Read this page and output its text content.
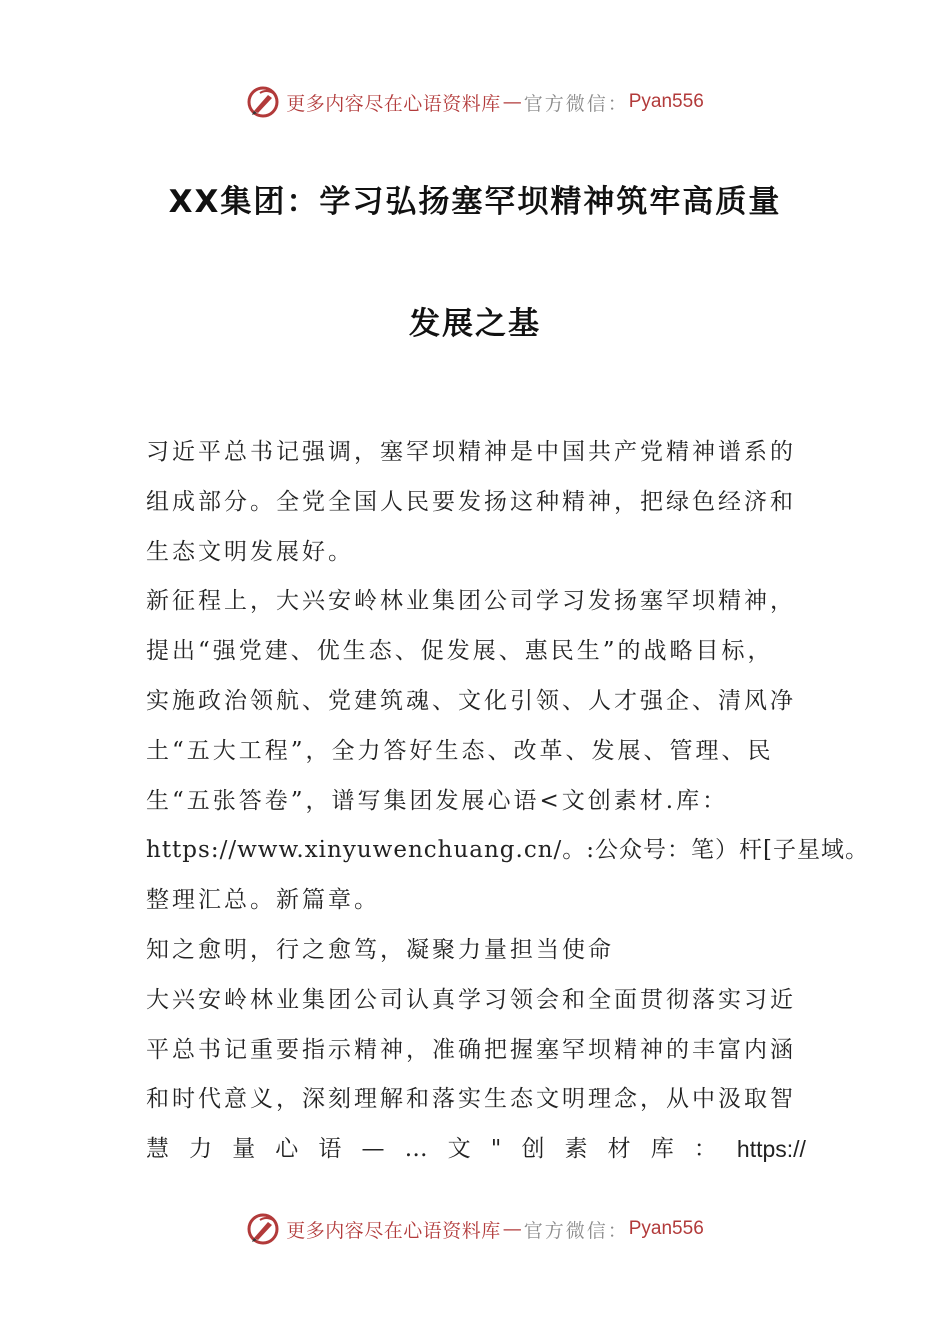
更多内容尽在心语资料库 — 官方微信： Pyan556
XX集团：学习弘扬塞罕坝精神筑牢高质量
发展之基
习近平总书记强调，塞罕坝精神是中国共产党精神谱系的
组成部分。全党全国人民要发扬这种精神，把绿色经济和
生态文明发展好。
新征程上，大兴安岭林业集团公司学习发扬塞罕坝精神，
提出“强党建、优生态、促发展、惠民生”的战略目标，
实施政治领航、党建筑魂、文化引领、人才强企、清风净
土“五大工程”，全力答好生态、改革、发展、管理、民
生“五张答卷”，谱写集团发展心语<文创素材.库：
https://www.xinyuwenchuang.cn/。:公众号：笔）杆[子星域。
整理汇总。新篇章。
知之愈明，行之愈笃，凝聚力量担当使命
大兴安岭林业集团公司认真学习领会和全面贯彻落实习近
平总书记重要指示精神，准确把握塞罕坝精神的丰富内涵
和时代意义，深刻理解和落实生态文明理念，从中汲取智
慧 力 量 心 语 — … 文 " 创 素 材 库 ： https://
更多内容尽在心语资料库 — 官方微信： Pyan556
